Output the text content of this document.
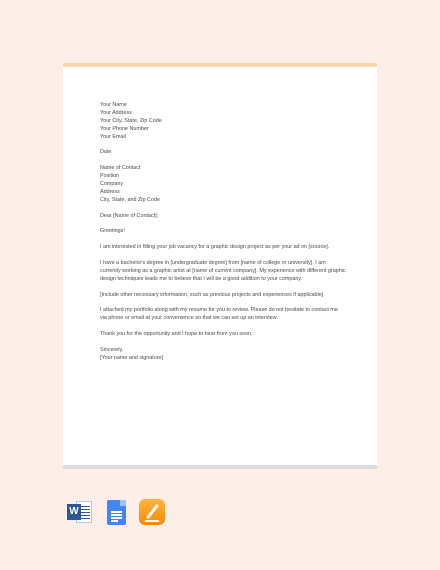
Your Name
Your Address
Your City, State, Zip Code
Your Phone Number
Your Email
Date
Name of Contact
Position
Company
Address
City, State, and Zip Code
Dear [Name of Contact];
Greetings!
I am interested in filling your job vacancy for a graphic design project as per your ad on [source].
I have a bachelor's degree in [undergraduate degree] from [name of college or university]. I am
currently working as a graphic artist at [name of current company]. My experience with different graphic
design techniques leads me to believe that I will be a good addition to your company.
[Include other necessary information, such as previous projects and experiences if applicable]
I attached my portfolio along with my resume for you to review. Please do not hesitate to contact me
via phone or email at your convenience so that we can set up an interview.
Thank you for the opportunity and I hope to hear from you soon.
Sincerely,
[Your name and signature]
W
